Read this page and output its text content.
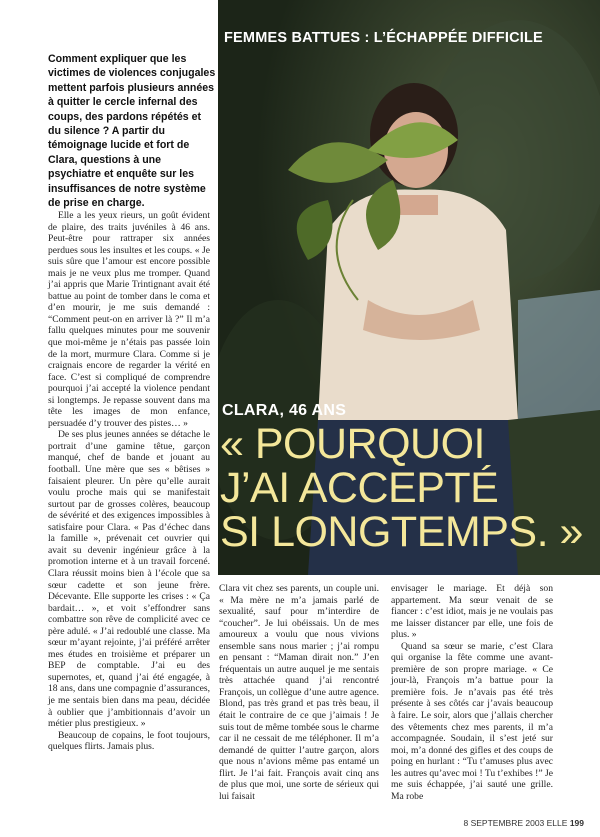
FEMMES BATTUES : L’ÉCHAPPÉE DIFFICILE

Comment expliquer que les victimes de violences conjugales mettent parfois plusieurs années à quitter le cercle infernal des coups, des pardons répétés et du silence ? A partir du témoignage lucide et fort de Clara, questions à une psychiatre et enquête sur les insuffisances de notre système de prise en charge.

Elle a les yeux rieurs, un goût évident de plaire, des traits juvéniles à 46 ans. Peut-être pour rattraper six années perdues sous les insultes et les coups. « Je suis sûre que l’amour est encore possible mais je ne veux plus me tromper. Quand j’ai appris que Marie Trintignant avait été battue au point de tomber dans le coma et d’en mourir, je me suis demandé : “Comment peut-on en arriver là ?” Il m’a fallu quelques minutes pour me souvenir que moi-même je n’étais pas passée loin de la mort, murmure Clara. Comme si je craignais encore de regarder la vérité en face. C’est si compliqué de comprendre pourquoi j’ai accepté la violence pendant si longtemps. Je repasse souvent dans ma tête les images de mon enfance, persuadée d’y trouver des pistes… »

De ses plus jeunes années se détache le portrait d’une gamine têtue, garçon manqué, chef de bande et jouant au football. Une mère que ses « bêtises » faisaient pleurer. Un père qu’elle aurait voulu proche mais qui se manifestait surtout par de grosses colères, beaucoup de sévérité et des exigences impossibles à satisfaire pour Clara. « Pas d’échec dans la famille », prévenait cet ouvrier qui avait su devenir ingénieur grâce à la promotion interne et à un travail forcené. Clara réussit moins bien à l’école que sa sœur cadette et son jeune frère. Décevante. Elle supporte les crises : « Ça bardait… », et voit s’effondrer sans combattre son rêve de complicité avec ce père adulé. « J’ai redoublé une classe. Ma sœur m’ayant rejointe, j’ai préféré arrêter mes études en troisième et préparer un BEP de comptable. J’ai eu des supernotes, et, quand j’ai été engagée, à 18 ans, dans une compagnie d’assurances, je me sentais bien dans ma peau, décidée à oublier que j’ambitionnais d’avoir un métier plus prestigieux. »

Beaucoup de copains, le foot toujours, quelques flirts. Jamais plus.

CLARA, 46 ANS
« POURQUOI
J’AI ACCEPTÉ
SI LONGTEMPS. »

Clara vit chez ses parents, un couple uni. « Ma mère ne m’a jamais parlé de sexualité, sauf pour m’interdire de “coucher”. Je lui obéissais. Un de mes amoureux a voulu que nous vivions ensemble sans nous marier ; j’ai rompu en pensant : “Maman dirait non.” J’en fréquentais un autre auquel je me sentais très attachée quand j’ai rencontré François, un collègue d’une autre agence. Blond, pas très grand et pas très beau, il était le contraire de ce que j’aimais ! Je suis tout de même tombée sous le charme car il ne cessait de me téléphoner. Il m’a demandé de quitter l’autre garçon, alors que nous n’avions même pas entamé un flirt. Je l’ai fait. François avait cinq ans de plus que moi, une sorte de sérieux qui lui faisait

envisager le mariage. Et déjà son appartement. Ma sœur venait de se fiancer : c’est idiot, mais je ne voulais pas me laisser distancer par elle, une fois de plus. »

Quand sa sœur se marie, c’est Clara qui organise la fête comme une avant-première de son propre mariage. « Ce jour-là, François m’a battue pour la première fois. Je n’avais pas été très présente à ses côtés car j’avais beaucoup à faire. Le soir, alors que j’allais chercher des vêtements chez mes parents, il m’a accompagnée. Soudain, il s’est jeté sur moi, m’a donné des gifles et des coups de poing en hurlant : “Tu t’amuses plus avec les autres qu’avec moi ! Tu t’exhibes !” Je me suis échappée, j’ai sauté une grille. Ma robe

8 SEPTEMBRE 2003 ELLE 199
